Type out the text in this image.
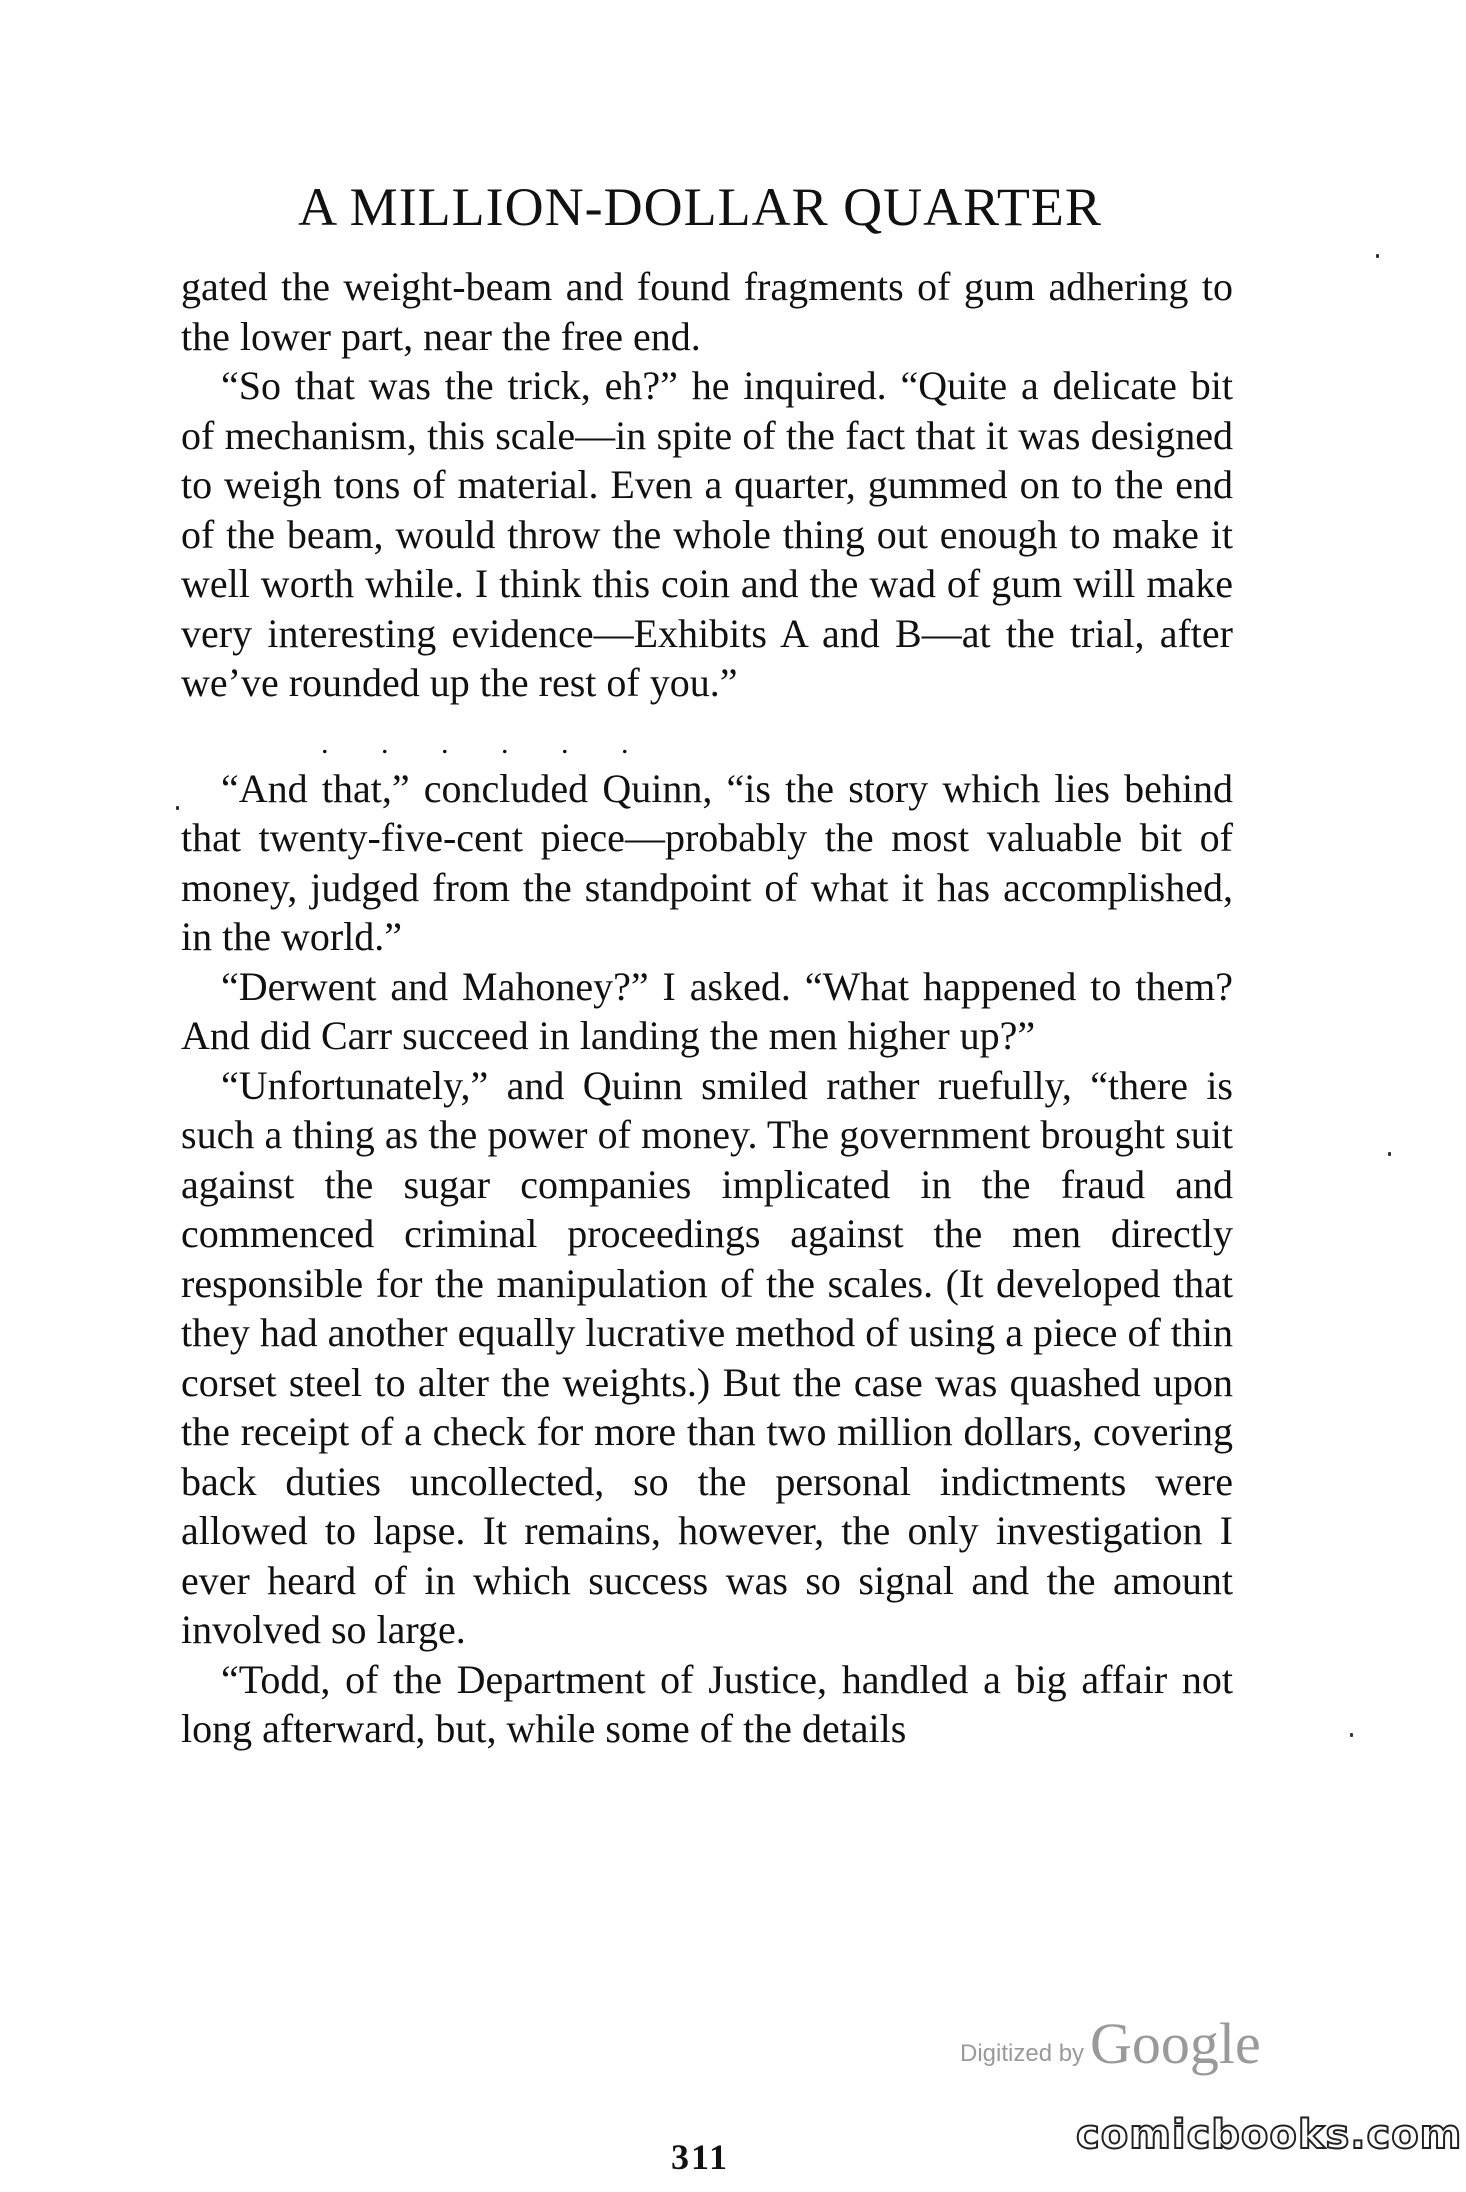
A MILLION-DOLLAR QUARTER

gated the weight-beam and found fragments of gum adhering to the lower part, near the free end.

“So that was the trick, eh?” he inquired. “Quite a delicate bit of mechanism, this scale—in spite of the fact that it was designed to weigh tons of material. Even a quarter, gummed on to the end of the beam, would throw the whole thing out enough to make it well worth while. I think this coin and the wad of gum will make very interesting evidence—Exhibits A and B—at the trial, after we’ve rounded up the rest of you.”

.       .       .       .       .       .

“And that,” concluded Quinn, “is the story which lies behind that twenty-five-cent piece—probably the most valuable bit of money, judged from the standpoint of what it has accomplished, in the world.”

“Derwent and Mahoney?” I asked. “What happened to them? And did Carr succeed in landing the men higher up?”

“Unfortunately,” and Quinn smiled rather ruefully, “there is such a thing as the power of money. The government brought suit against the sugar companies implicated in the fraud and commenced criminal proceedings against the men directly responsible for the manipulation of the scales. (It developed that they had another equally lucrative method of using a piece of thin corset steel to alter the weights.) But the case was quashed upon the receipt of a check for more than two million dollars, covering back duties uncollected, so the personal indictments were allowed to lapse. It remains, however, the only investigation I ever heard of in which success was so signal and the amount involved so large.

“Todd, of the Department of Justice, handled a big affair not long afterward, but, while some of the details

311
Digitized by Google
comicbooks.com
